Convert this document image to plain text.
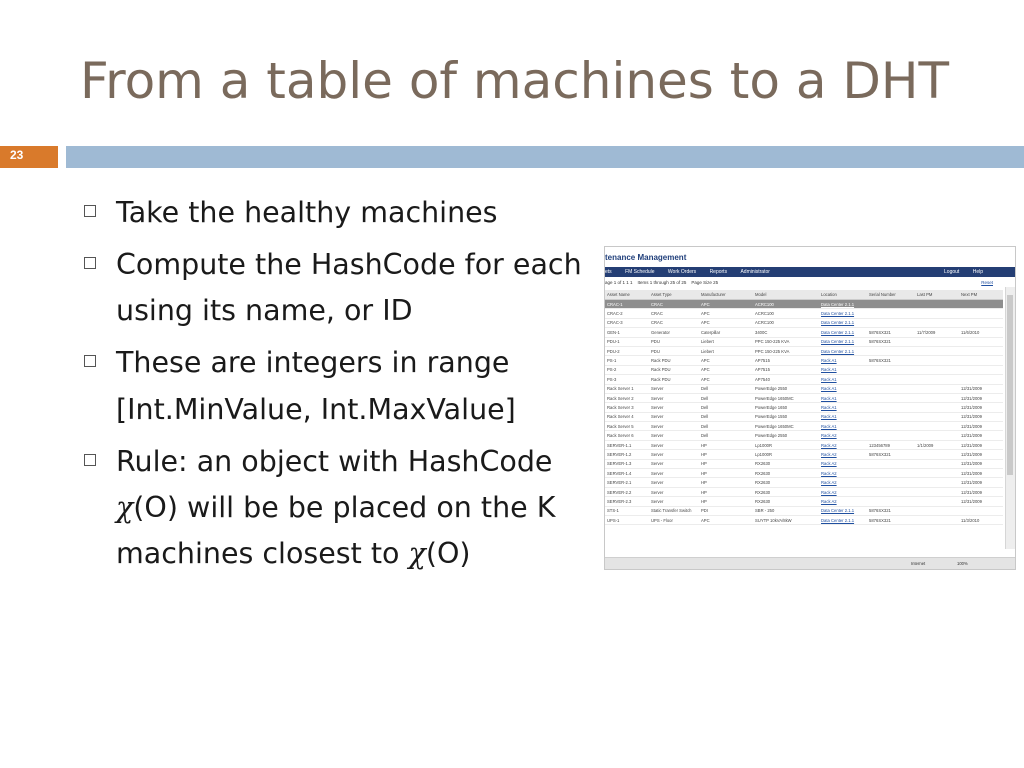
From a table of machines to a DHT
23
Take the healthy machines
Compute the HashCode for each using its name, or ID
These are integers in range [Int.MinValue, Int.MaxValue]
Rule: an object with HashCode χ(O) will be be placed on the K machines closest to χ(O)
tenance Management
ets	FM Schedule	Work Orders	Reports	Administrator	Logout	Help
age 1 of 1 1 1 Items 1 through 25 of 25 Page Size 25	Reset
Asset Name	Asset Type	Manufacturer	Model	Location	Serial Number	Last PM	Next PM
CRAC-1	CRAC	APC	ACRC100	Data Center 2.1.1			
CRAC-2	CRAC	APC	ACRC100	Data Center 2.1.1			
CRAC-3	CRAC	APC	ACRC100	Data Center 2.1.1			
GEN-1	Generator	Caterpillar	3400C	Data Center 2.1.1	5876SX321	11/7/2009	11/6/2010
PDU-1	PDU	Liebert	PPC 150-225 KVA	Data Center 2.1.1	5876SX321		
PDU-2	PDU	Liebert	PPC 150-225 KVA	Data Center 2.1.1			
PS-1	Rack PDU	APC	AP7515	Rack A1	5876SX321		
PS-2	Rack PDU	APC	AP7515	Rack A1			
PS-3	Rack PDU	APC	AP7540	Rack A1			
Rack Server 1	Server	Dell	PowerEdge 2550	Rack A1			12/31/2009
Rack Server 2	Server	Dell	PowerEdge 1650MC	Rack A1			12/31/2009
Rack Server 3	Server	Dell	PowerEdge 1650	Rack A1			12/31/2009
Rack Server 4	Server	Dell	PowerEdge 1550	Rack A1			12/31/2009
Rack Server 5	Server	Dell	PowerEdge 1650MC	Rack A1			12/31/2009
Rack Server 6	Server	Dell	PowerEdge 2550	Rack A2			12/31/2009
SERVER-1.1	Server	HP	Lp1000R	Rack A2	123456789	1/1/2009	12/31/2009
SERVER-1.2	Server	HP	Lp1000R	Rack A2	5876SX321		12/31/2009
SERVER-1.3	Server	HP	RX2630	Rack A2			12/31/2009
SERVER-1.4	Server	HP	RX2630	Rack A2			12/31/2009
SERVER-2.1	Server	HP	RX2630	Rack A2			12/31/2009
SERVER-2.2	Server	HP	RX2630	Rack A2			12/31/2009
SERVER-2.3	Server	HP	RX2630	Rack A2			12/31/2009
STS-1	Static Transfer Switch	PDI	SBR - 250	Data Center 2.1.1	5876SX321		
UPS-1	UPS - Floor	APC	SUYTP 10kVA/8kW	Data Center 2.1.1	5876SX321		11/3/2010
Internet	100%
